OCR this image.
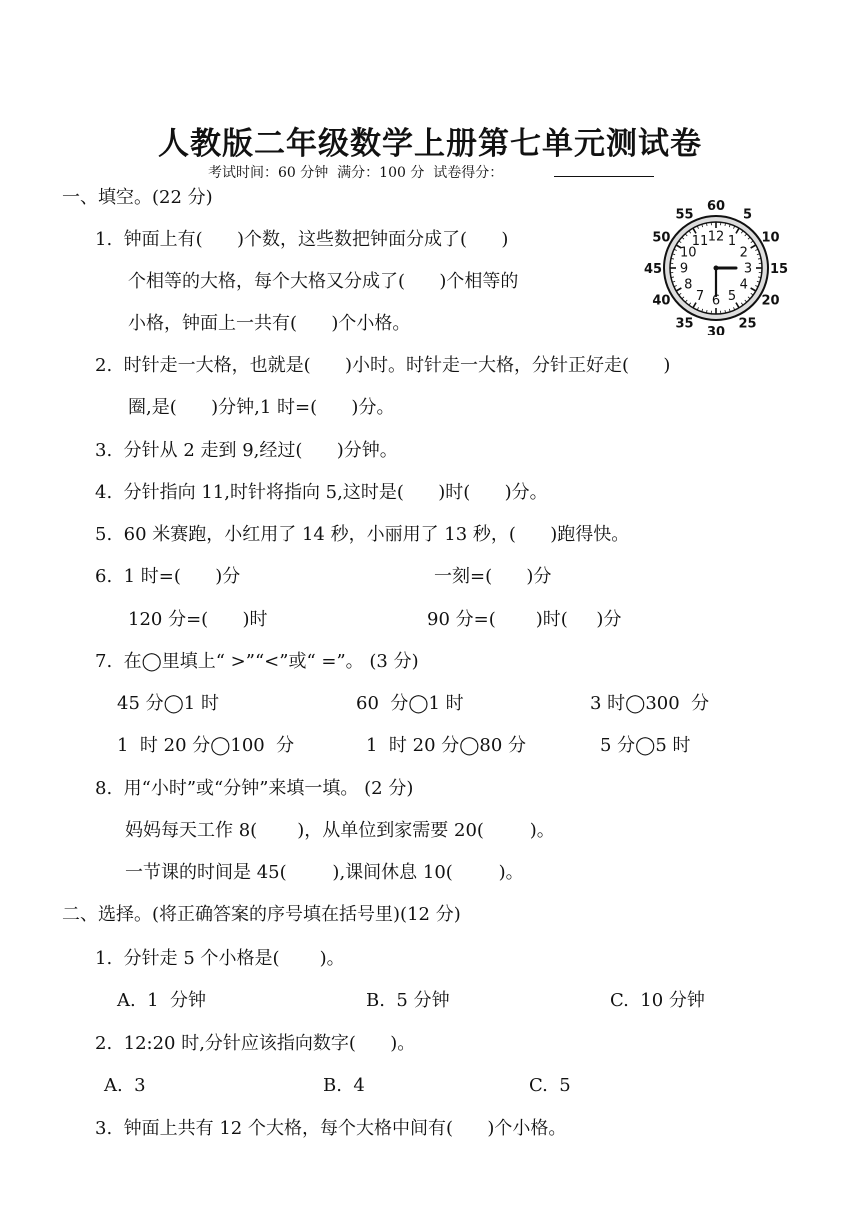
人教版二年级数学上册第七单元测试卷
考试时间：60 分钟  满分：100 分  试卷得分：
一、填空。(22 分)
1.  钟面上有(      )个数，这些数把钟面分成了(      )
个相等的大格，每个大格又分成了(      )个相等的
小格，钟面上一共有(      )个小格。
12 1
2
3
4
5
6
7
8
9
10
11
60
5
10
15
20
25
30
35
40
45
50
55
2.  时针走一大格，也就是(      )小时。时针走一大格，分针正好走(      )
圈,是(      )分钟,1 时=(      )分。
3.  分针从 2 走到 9,经过(      )分钟。
4.  分针指向 11,时针将指向 5,这时是(      )时(      )分。
5.  60 米赛跑，小红用了 14 秒，小丽用了 13 秒，(      )跑得快。
6.  1 时=(      )分	一刻=(      )分
120 分=(      )时	90 分=(       )时(     )分
7.  在◯里填上“ >”“<”或“ =”。 (3 分)
45 分◯1 时	60  分◯1 时	3 时◯300  分
1  时 20 分◯100  分	1  时 20 分◯80 分	5 分◯5 时
8.  用“小时”或“分钟”来填一填。 (2 分)
妈妈每天工作 8(       )，从单位到家需要 20(        )。
一节课的时间是 45(        ),课间休息 10(        )。
二、选择。(将正确答案的序号填在括号里)(12 分)
1.  分针走 5 个小格是(       )。
A.  1  分钟	B.  5 分钟	C.  10 分钟
2.  12:20 时,分针应该指向数字(      )。
A.  3	B.  4	C.  5
3.  钟面上共有 12 个大格，每个大格中间有(      )个小格。
